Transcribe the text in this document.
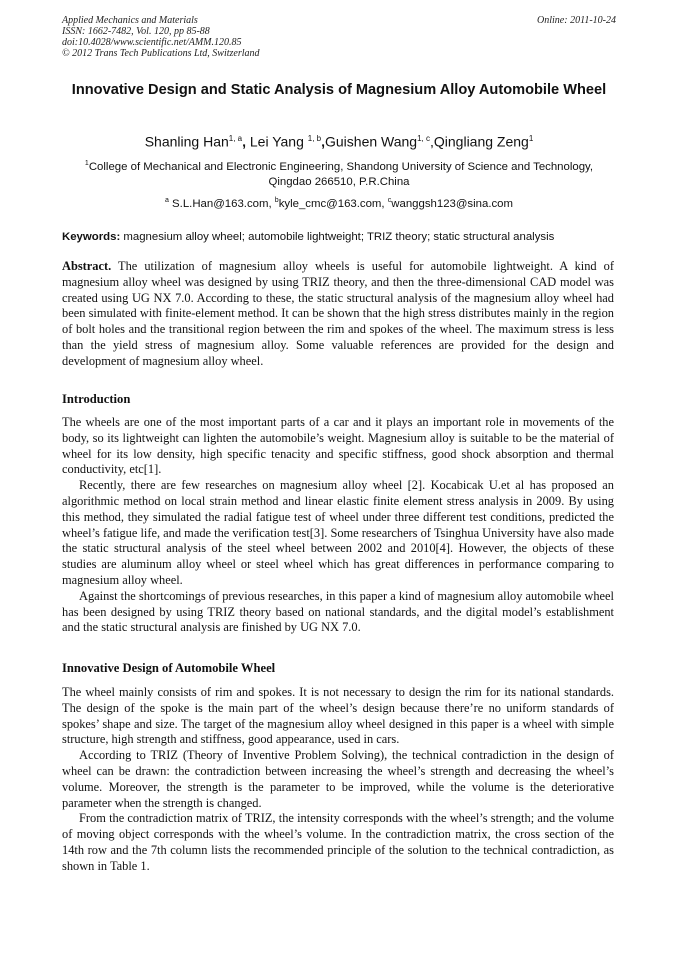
Applied Mechanics and Materials
ISSN: 1662-7482, Vol. 120, pp 85-88
doi:10.4028/www.scientific.net/AMM.120.85
© 2012 Trans Tech Publications Ltd, Switzerland
Online: 2011-10-24
Innovative Design and Static Analysis of Magnesium Alloy Automobile Wheel
Shanling Han$^{1, a}$, Lei Yang $^{1, b}$,Guishen Wang$^{1, c}$,Qingliang Zeng$^1$
$^1$College of Mechanical and Electronic Engineering, Shandong University of Science and Technology, Qingdao 266510, P.R.China
$^a$ S.L.Han@163.com, $^b$kyle_cmc@163.com, $^c$wanggsh123@sina.com
Keywords: magnesium alloy wheel; automobile lightweight; TRIZ theory; static structural analysis

Abstract. The utilization of magnesium alloy wheels is useful for automobile lightweight. A kind of magnesium alloy wheel was designed by using TRIZ theory, and then the three-dimensional CAD model was created using UG NX 7.0. According to these, the static structural analysis of the magnesium alloy wheel had been simulated with finite-element method. It can be shown that the high stress distributes mainly in the region of bolt holes and the transitional region between the rim and spokes of the wheel. The maximum stress is less than the yield stress of magnesium alloy. Some valuable references are provided for the design and development of magnesium alloy wheel.

Introduction

The wheels are one of the most important parts of a car and it plays an important role in movements of the body, so its lightweight can lighten the automobile’s weight. Magnesium alloy is suitable to be the material of wheel for its low density, high specific tenacity and specific stiffness, good shock absorption and thermal conductivity, etc[1].

Recently, there are few researches on magnesium alloy wheel [2]. Kocabicak U.et al has proposed an algorithmic method on local strain method and linear elastic finite element stress analysis in 2009. By using this method, they simulated the radial fatigue test of wheel under three different test conditions, predicted the wheel’s fatigue life, and made the verification test[3]. Some researchers of Tsinghua University have also made the static structural analysis of the steel wheel between 2002 and 2010[4]. However, the objects of these studies are aluminum alloy wheel or steel wheel which has great differences in performance comparing to magnesium alloy wheel.

Against the shortcomings of previous researches, in this paper a kind of magnesium alloy automobile wheel has been designed by using TRIZ theory based on national standards, and the digital model’s establishment and the static structural analysis are finished by UG NX 7.0.

Innovative Design of Automobile Wheel

The wheel mainly consists of rim and spokes. It is not necessary to design the rim for its national standards. The design of the spoke is the main part of the wheel’s design because there’re no uniform standards of spokes’ shape and size. The target of the magnesium alloy wheel designed in this paper is a wheel with simple structure, high strength and stiffness, good appearance, used in cars.

According to TRIZ (Theory of Inventive Problem Solving), the technical contradiction in the design of wheel can be drawn: the contradiction between increasing the wheel’s strength and decreasing the wheel’s volume. Moreover, the strength is the parameter to be improved, while the volume is the deteriorative parameter when the strength is changed.

From the contradiction matrix of TRIZ, the intensity corresponds with the wheel’s strength; and the volume of moving object corresponds with the wheel’s volume. In the contradiction matrix, the cross section of the 14th row and the 7th column lists the recommended principle of the solution to the technical contradiction, as shown in Table 1.
